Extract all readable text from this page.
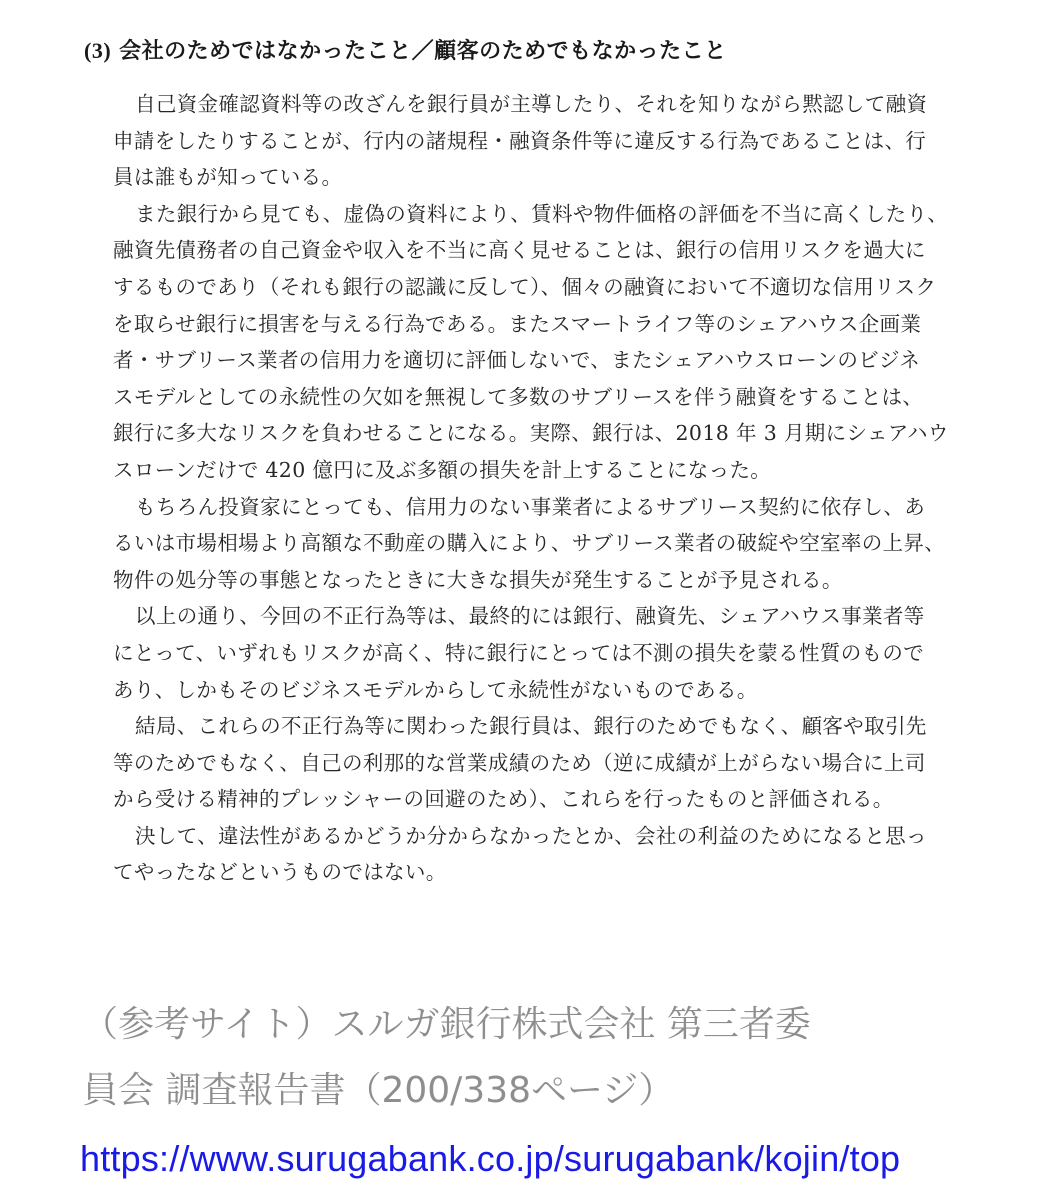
(3) 会社のためではなかったこと／顧客のためでもなかったこと
自己資金確認資料等の改ざんを銀行員が主導したり、それを知りながら黙認して融資
申請をしたりすることが、行内の諸規程・融資条件等に違反する行為であることは、行
員は誰もが知っている。
また銀行から見ても、虚偽の資料により、賃料や物件価格の評価を不当に高くしたり、
融資先債務者の自己資金や収入を不当に高く見せることは、銀行の信用リスクを過大に
するものであり（それも銀行の認識に反して）、個々の融資において不適切な信用リスク
を取らせ銀行に損害を与える行為である。またスマートライフ等のシェアハウス企画業
者・サブリース業者の信用力を適切に評価しないで、またシェアハウスローンのビジネ
スモデルとしての永続性の欠如を無視して多数のサブリースを伴う融資をすることは、
銀行に多大なリスクを負わせることになる。実際、銀行は、2018 年 3 月期にシェアハウ
スローンだけで 420 億円に及ぶ多額の損失を計上することになった。
もちろん投資家にとっても、信用力のない事業者によるサブリース契約に依存し、あ
るいは市場相場より高額な不動産の購入により、サブリース業者の破綻や空室率の上昇、
物件の処分等の事態となったときに大きな損失が発生することが予見される。
以上の通り、今回の不正行為等は、最終的には銀行、融資先、シェアハウス事業者等
にとって、いずれもリスクが高く、特に銀行にとっては不測の損失を蒙る性質のもので
あり、しかもそのビジネスモデルからして永続性がないものである。
結局、これらの不正行為等に関わった銀行員は、銀行のためでもなく、顧客や取引先
等のためでもなく、自己の利那的な営業成績のため（逆に成績が上がらない場合に上司
から受ける精神的プレッシャーの回避のため）、これらを行ったものと評価される。
決して、違法性があるかどうか分からなかったとか、会社の利益のためになると思っ
てやったなどというものではない。
（参考サイト）スルガ銀行株式会社 第三者委
員会 調査報告書（200/338ページ）
https://www.surugabank.co.jp/surugabank/kojin/top
